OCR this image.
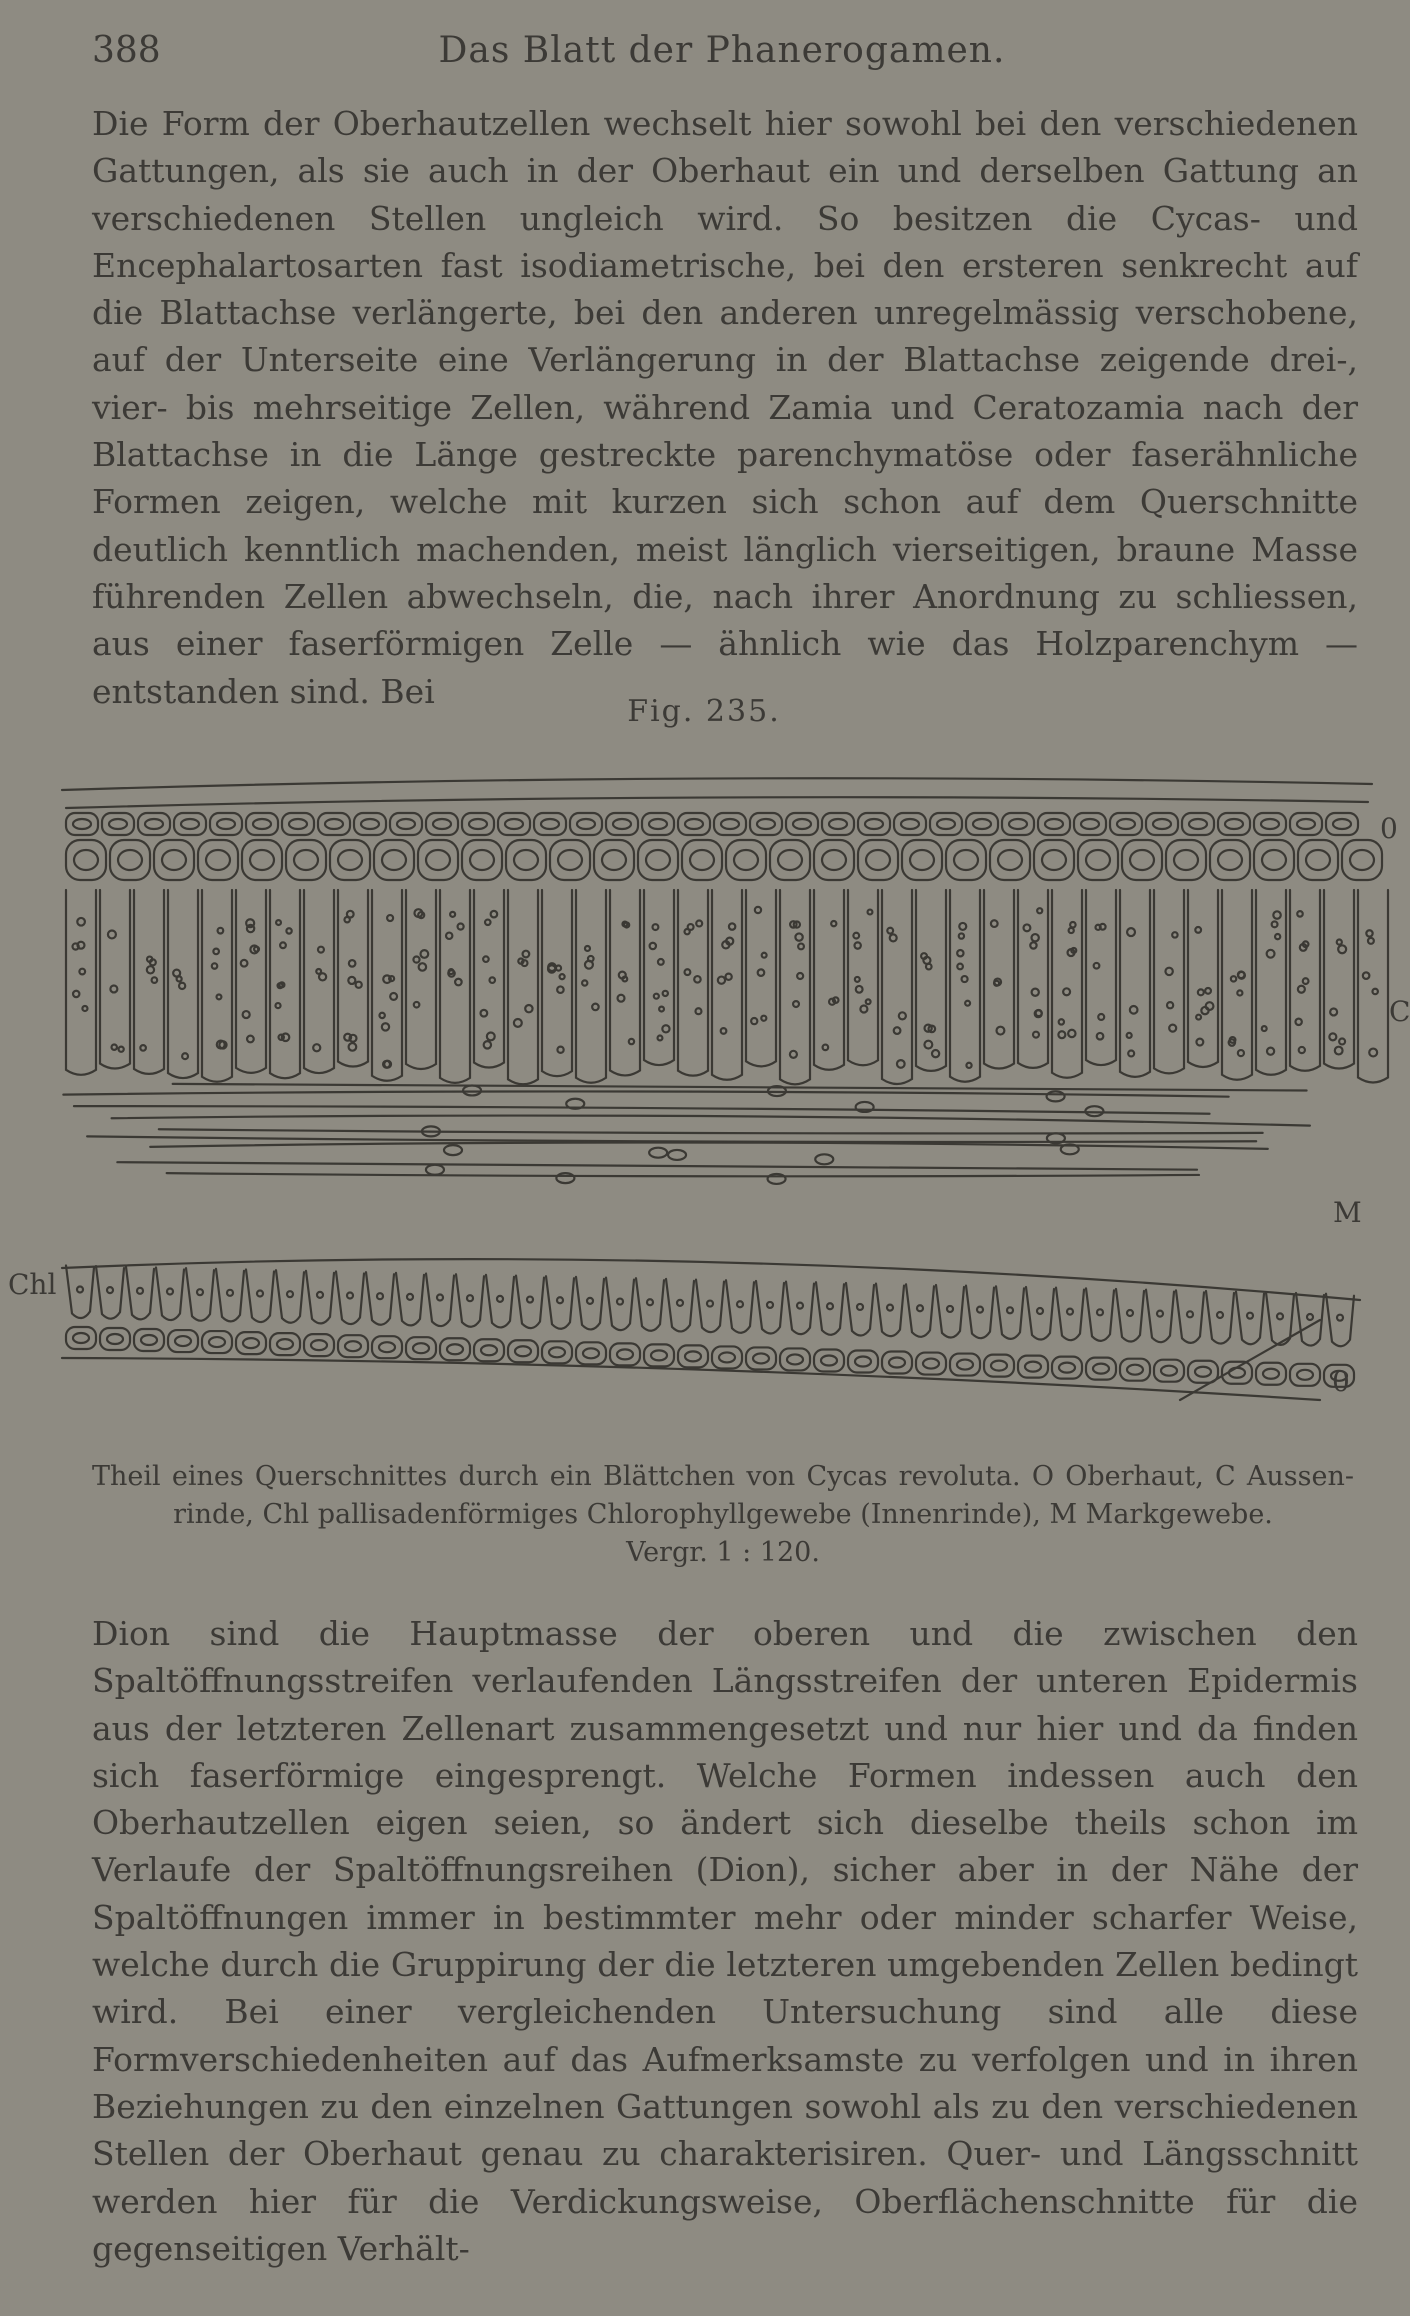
388	Das Blatt der Phanerogamen.

Die Form der Oberhautzellen wechselt hier sowohl bei den verschiedenen Gattungen, als sie auch in der Oberhaut ein und derselben Gattung an verschiedenen Stellen ungleich wird. So besitzen die Cycas- und Encephalartosarten fast isodiametrische, bei den ersteren senkrecht auf die Blattachse verlängerte, bei den anderen unregelmässig verschobene, auf der Unterseite eine Verlängerung in der Blattachse zeigende drei-, vier- bis mehrseitige Zellen, während Zamia und Ceratozamia nach der Blattachse in die Länge gestreckte parenchymatöse oder faserähnliche Formen zeigen, welche mit kurzen sich schon auf dem Querschnitte deutlich kenntlich machenden, meist länglich vierseitigen, braune Masse führenden Zellen abwechseln, die, nach ihrer Anordnung zu schliessen, aus einer faserförmigen Zelle — ähnlich wie das Holzparenchym — entstanden sind. Bei

Fig. 235.
0
C
M
Chl
0

Theil eines Querschnittes durch ein Blättchen von Cycas revoluta. O Oberhaut, C Aussen-
rinde, Chl pallisadenförmiges Chlorophyllgewebe (Innenrinde), M Markgewebe.
Vergr. 1 : 120.

Dion sind die Hauptmasse der oberen und die zwischen den Spaltöffnungsstreifen verlaufenden Längsstreifen der unteren Epidermis aus der letzteren Zellenart zusammengesetzt und nur hier und da finden sich faserförmige eingesprengt. Welche Formen indessen auch den Oberhautzellen eigen seien, so ändert sich dieselbe theils schon im Verlaufe der Spaltöffnungsreihen (Dion), sicher aber in der Nähe der Spaltöffnungen immer in bestimmter mehr oder minder scharfer Weise, welche durch die Gruppirung der die letzteren umgebenden Zellen bedingt wird. Bei einer vergleichenden Untersuchung sind alle diese Formverschiedenheiten auf das Aufmerksamste zu verfolgen und in ihren Beziehungen zu den einzelnen Gattungen sowohl als zu den verschiedenen Stellen der Oberhaut genau zu charakterisiren. Quer- und Längsschnitt werden hier für die Verdickungsweise, Oberflächenschnitte für die gegenseitigen Verhält-
